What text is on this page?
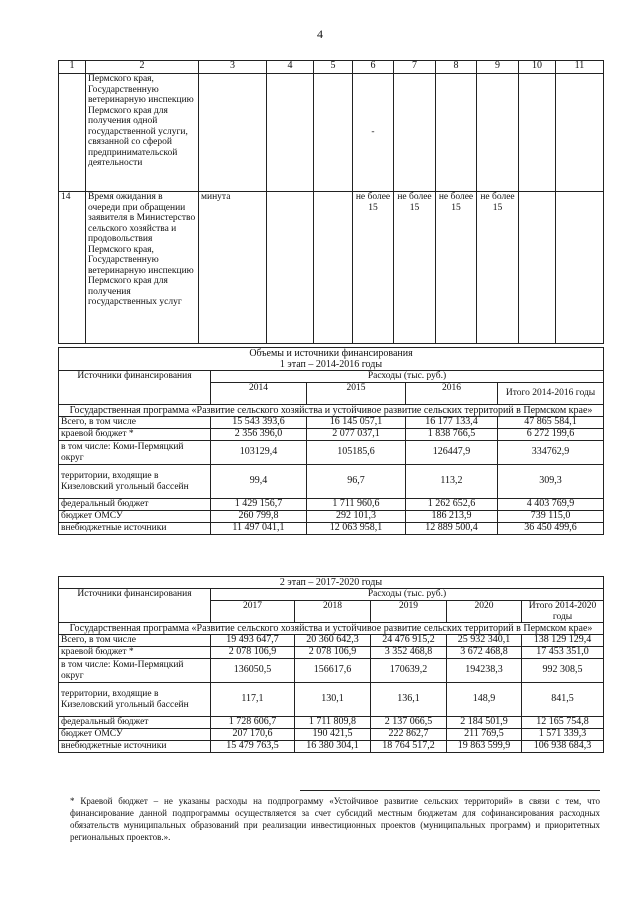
4
1	2	3	4	5	6	7	8	9	10	11
	Пермского края, Государственную ветеринарную инспекцию Пермского края для получения одной государственной услуги, связанной со сферой предпринимательской деятельности				-					
14	Время ожидания в очереди при обращении заявителя в Министерство сельского хозяйства и продовольствия Пермского края, Государственную ветеринарную инспекцию Пермского края для получения государственных услуг	минута			не более 15	не более 15	не более 15	не более 15		
Объемы и источники финансирования				
1 этап – 2014-2016 годы				
Источники финансирования	Расходы (тыс. руб.)			
	2014	2015	2016	Итого 2014-2016 годы
Государственная программа «Развитие сельского хозяйства и устойчивое развитие сельских территорий в Пермском крае»				
Всего, в том числе	15 543 393,6	16 145 057,1	16 177 133,4	47 865 584,1
краевой бюджет *	2 356 396,0	2 077 037,1	1 838 766,5	6 272 199,6
в том числе: Коми-Пермяцкий округ	103129,4	105185,6	126447,9	334762,9
территории, входящие в Кизеловский угольный бассейн	99,4	96,7	113,2	309,3
федеральный бюджет	1 429 156,7	1 711 960,6	1 262 652,6	4 403 769,9
бюджет ОМСУ	260 799,8	292 101,3	186 213,9	739 115,0
внебюджетные источники	11 497 041,1	12 063 958,1	12 889 500,4	36 450 499,6
2 этап – 2017-2020 годы					
Источники финансирования	Расходы (тыс. руб.)				
	2017	2018	2019	2020	Итого 2014-2020 годы
Государственная программа «Развитие сельского хозяйства и устойчивое развитие сельских территорий в Пермском крае»					
Всего, в том числе	19 493 647,7	20 360 642,3	24 476 915,2	25 932 340,1	138 129 129,4
краевой бюджет *	2 078 106,9	2 078 106,9	3 352 468,8	3 672 468,8	17 453 351,0
в том числе: Коми-Пермяцкий округ	136050,5	156617,6	170639,2	194238,3	992 308,5
территории, входящие в Кизеловский угольный бассейн	117,1	130,1	136,1	148,9	841,5
федеральный бюджет	1 728 606,7	1 711 809,8	2 137 066,5	2 184 501,9	12 165 754,8
бюджет ОМСУ	207 170,6	190 421,5	222 862,7	211 769,5	1 571 339,3
внебюджетные источники	15 479 763,5	16 380 304,1	18 764 517,2	19 863 599,9	106 938 684,3
* Краевой бюджет – не указаны расходы на подпрограмму «Устойчивое развитие сельских территорий» в связи с тем, что финансирование данной подпрограммы осуществляется за счет субсидий местным бюджетам для софинансирования расходных обязательств муниципальных образований при реализации инвестиционных проектов (муниципальных программ) и приоритетных региональных проектов.».
